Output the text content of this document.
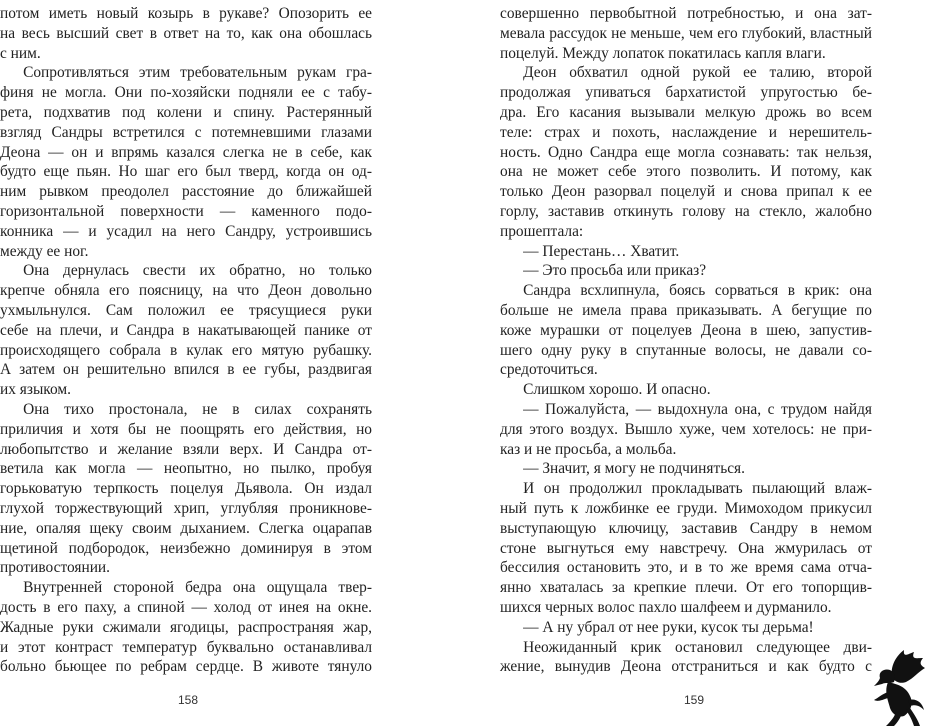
потом иметь новый козырь в рукаве? Опозорить ее
на весь высший свет в ответ на то, как она обошлась
с ним.
  Сопротивляться этим требовательным рукам гра-
финя не могла. Они по-хозяйски подняли ее с табу-
рета, подхватив под колени и спину. Растерянный
взгляд Сандры встретился с потемневшими глазами
Деона — он и впрямь казался слегка не в себе, как
будто еще пьян. Но шаг его был тверд, когда он од-
ним рывком преодолел расстояние до ближайшей
горизонтальной поверхности — каменного подо-
конника — и усадил на него Сандру, устроившись
между ее ног.
  Она дернулась свести их обратно, но только
крепче обняла его поясницу, на что Деон довольно
ухмыльнулся. Сам положил ее трясущиеся руки
себе на плечи, и Сандра в накатывающей панике от
происходящего собрала в кулак его мятую рубашку.
А затем он решительно впился в ее губы, раздвигая
их языком.
  Она тихо простонала, не в силах сохранять
приличия и хотя бы не поощрять его действия, но
любопытство и желание взяли верх. И Сандра от-
ветила как могла — неопытно, но пылко, пробуя
горьковатую терпкость поцелуя Дьявола. Он издал
глухой торжествующий хрип, углубляя проникнове-
ние, опаляя щеку своим дыханием. Слегка оцарапав
щетиной подбородок, неизбежно доминируя в этом
противостоянии.
  Внутренней стороной бедра она ощущала твер-
дость в его паху, а спиной — холод от инея на окне.
Жадные руки сжимали ягодицы, распространяя жар,
и этот контраст температур буквально останавливал
больно бьющее по ребрам сердце. В животе тянуло
158
совершенно первобытной потребностью, и она зат-
мевала рассудок не меньше, чем его глубокий, властный
поцелуй. Между лопаток покатилась капля влаги.
  Деон обхватил одной рукой ее талию, второй
продолжая упиваться бархатистой упругостью бе-
дра. Его касания вызывали мелкую дрожь во всем
теле: страх и похоть, наслаждение и нерешитель-
ность. Одно Сандра еще могла сознавать: так нельзя,
она не может себе этого позволить. И потому, как
только Деон разорвал поцелуй и снова припал к ее
горлу, заставив откинуть голову на стекло, жалобно
прошептала:
  — Перестань… Хватит.
  — Это просьба или приказ?
  Сандра всхлипнула, боясь сорваться в крик: она
больше не имела права приказывать. А бегущие по
коже мурашки от поцелуев Деона в шею, запустив-
шего одну руку в спутанные волосы, не давали со-
средоточиться.
  Слишком хорошо. И опасно.
  — Пожалуйста, — выдохнула она, с трудом найдя
для этого воздух. Вышло хуже, чем хотелось: не при-
каз и не просьба, а мольба.
  — Значит, я могу не подчиняться.
  И он продолжил прокладывать пылающий влаж-
ный путь к ложбинке ее груди. Мимоходом прикусил
выступающую ключицу, заставив Сандру в немом
стоне выгнуться ему навстречу. Она жмурилась от
бессилия остановить это, и в то же время сама отча-
янно хваталась за крепкие плечи. От его топорщив-
шихся черных волос пахло шалфеем и дурманило.
  — А ну убрал от нее руки, кусок ты дерьма!
  Неожиданный крик остановил следующее дви-
жение, вынудив Деона отстраниться и как будто с
159
